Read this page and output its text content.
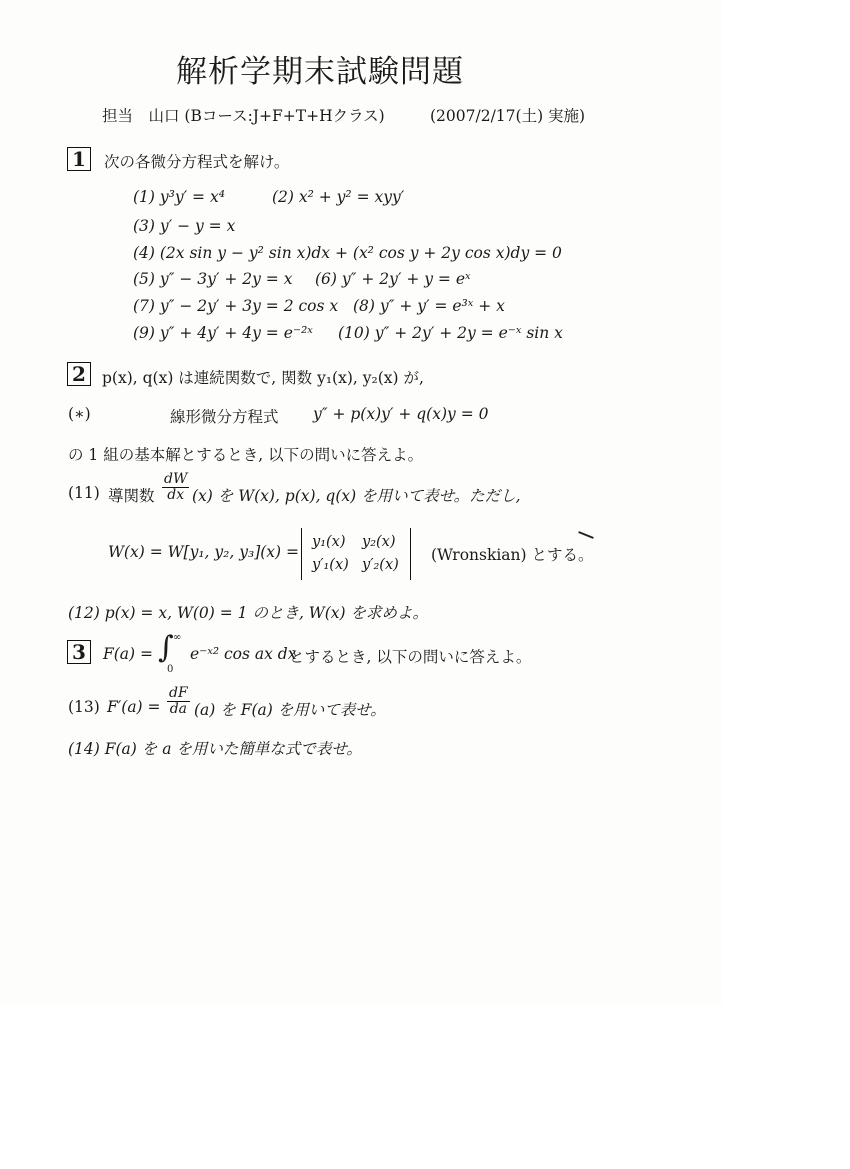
解析学期末試験問題
担当　山口 (Bコース:J+F+T+Hクラス)	(2007/2/17(土) 実施)
1	次の各微分方程式を解け。
(1) y³y′ = x⁴	(2) x² + y² = xyy′
(3) y′ − y = x
(4) (2x sin y − y² sin x)dx + (x² cos y + 2y cos x)dy = 0
(5) y″ − 3y′ + 2y = x (6) y″ + 2y′ + y = eˣ
(7) y″ − 2y′ + 3y = 2 cos x (8) y″ + y′ = e³ˣ + x
(9) y″ + 4y′ + 4y = e⁻²ˣ (10) y″ + 2y′ + 2y = e⁻ˣ sin x
2	p(x), q(x) は連続関数で, 関数 y₁(x), y₂(x) が,
(∗)	線形微分方程式 y″ + p(x)y′ + q(x)y = 0
の 1 組の基本解とするとき, 以下の問いに答えよ。
(11) 導関数 $\frac{dW}{dx} (x)$ を W(x), p(x), q(x) を用いて表せ。ただし,
W(x) = W[y₁, y₂, y₃](x) =
y₁(x) y₂(x)
y′₁(x) y′₂(x)
(Wronskian) とする。
(12) p(x) = x, W(0) = 1 のとき, W(x) を求めよ。
3	F(a) = ∫ ∞
0
e⁻ˣ² cos ax dx
とするとき, 以下の問いに答えよ。
(13) $F'(a) = \frac{dF}{da} (a)$ を F(a) を用いて表せ。
(14) F(a) を a を用いた簡単な式で表せ。
